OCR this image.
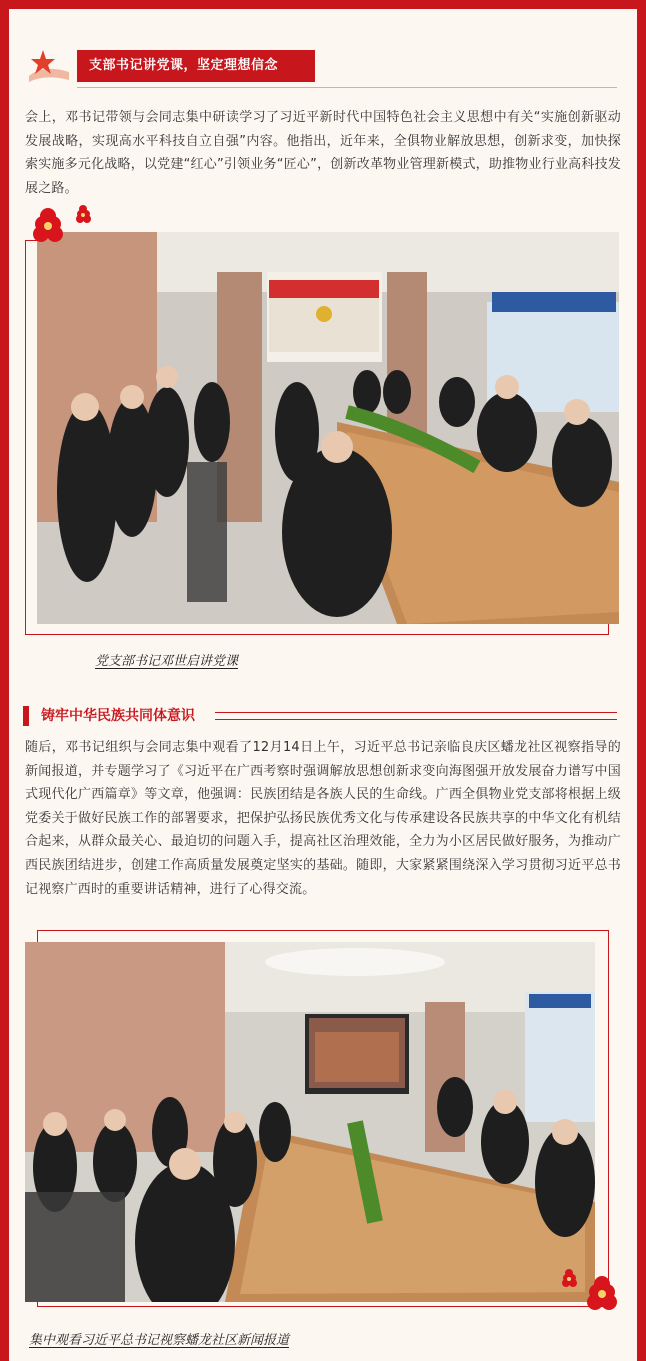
支部书记讲党课，坚定理想信念
会上，邓书记带领与会同志集中研读学习了习近平新时代中国特色社会主义思想中有关“实施创新驱动发展战略，实现高水平科技自立自强”内容。他指出，近年来，全俱物业解放思想，创新求变，加快探索实施多元化战略，以党建“红心”引领业务“匠心”，创新改革物业管理新模式，助推物业行业高科技发展之路。
党支部书记邓世启讲党课
铸牢中华民族共同体意识
随后，邓书记组织与会同志集中观看了12月14日上午，习近平总书记亲临良庆区蟠龙社区视察指导的新闻报道，并专题学习了《习近平在广西考察时强调解放思想创新求变向海图强开放发展奋力谱写中国式现代化广西篇章》等文章，他强调：民族团结是各族人民的生命线。广西全俱物业党支部将根据上级党委关于做好民族工作的部署要求，把保护弘扬民族优秀文化与传承建设各民族共享的中华文化有机结合起来，从群众最关心、最迫切的问题入手，提高社区治理效能，全力为小区居民做好服务，为推动广西民族团结进步，创建工作高质量发展奠定坚实的基础。随即，大家紧紧围绕深入学习贯彻习近平总书记视察广西时的重要讲话精神，进行了心得交流。
集中观看习近平总书记视察蟠龙社区新闻报道
